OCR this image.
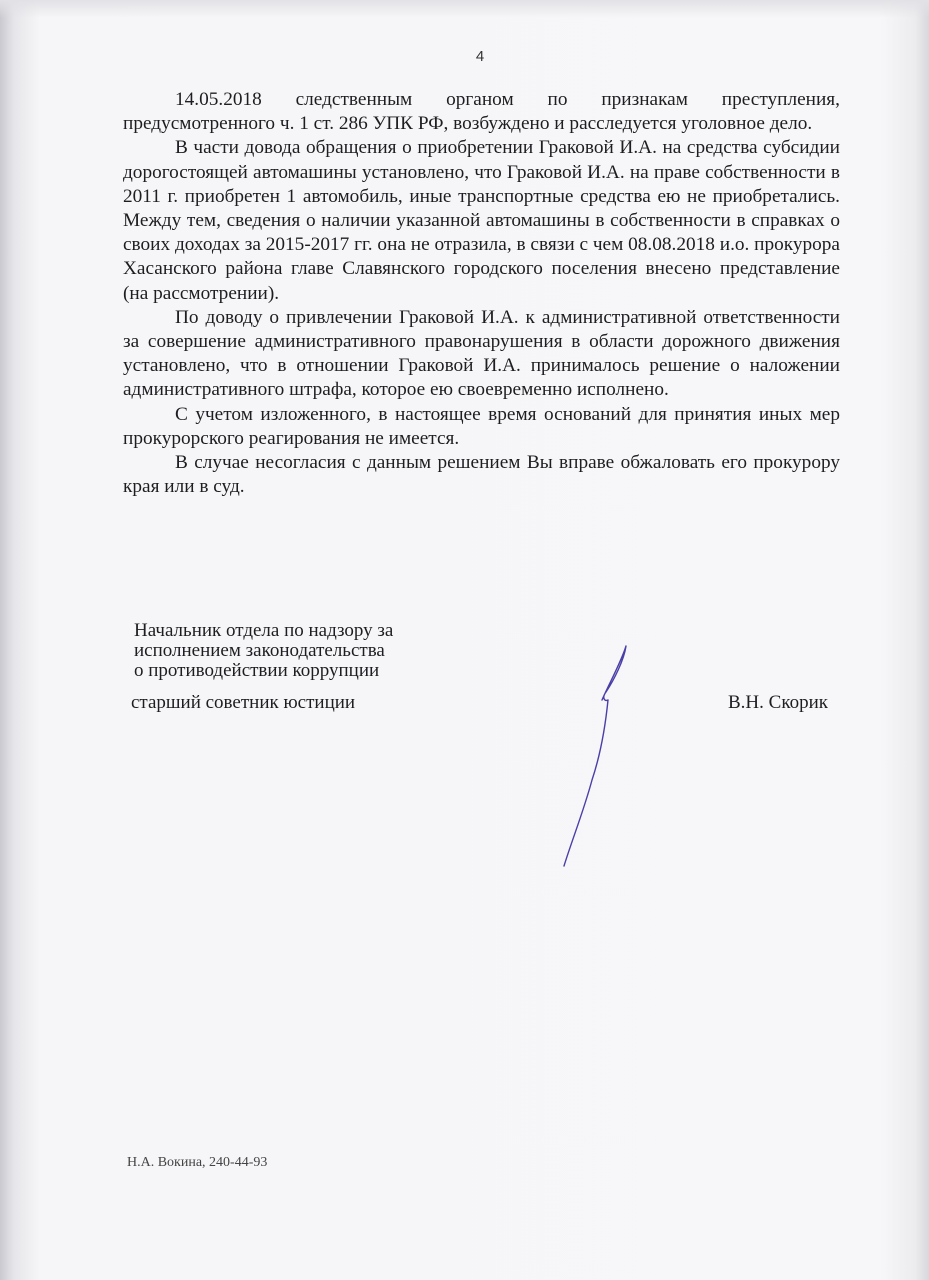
4

14.05.2018 следственным органом по признакам преступления, предусмотренного ч. 1 ст. 286 УПК РФ, возбуждено и расследуется уголовное дело.

В части довода обращения о приобретении Граковой И.А. на средства субсидии дорогостоящей автомашины установлено, что Граковой И.А. на праве собственности в 2011 г. приобретен 1 автомобиль, иные транспортные средства ею не приобретались. Между тем, сведения о наличии указанной автомашины в собственности в справках о своих доходах за 2015-2017 гг. она не отразила, в связи с чем 08.08.2018 и.о. прокурора Хасанского района главе Славянского городского поселения внесено представление (на рассмотрении).

По доводу о привлечении Граковой И.А. к административной ответственности за совершение административного правонарушения в области дорожного движения установлено, что в отношении Граковой И.А. принималось решение о наложении административного штрафа, которое ею своевременно исполнено.

С учетом изложенного, в настоящее время оснований для принятия иных мер прокурорского реагирования не имеется.

В случае несогласия с данным решением Вы вправе обжаловать его прокурору края или в суд.

Начальник отдела по надзору за
исполнением законодательства
о противодействии коррупции
старший советник юстиции	В.Н. Скорик
Н.А. Вокина, 240-44-93
